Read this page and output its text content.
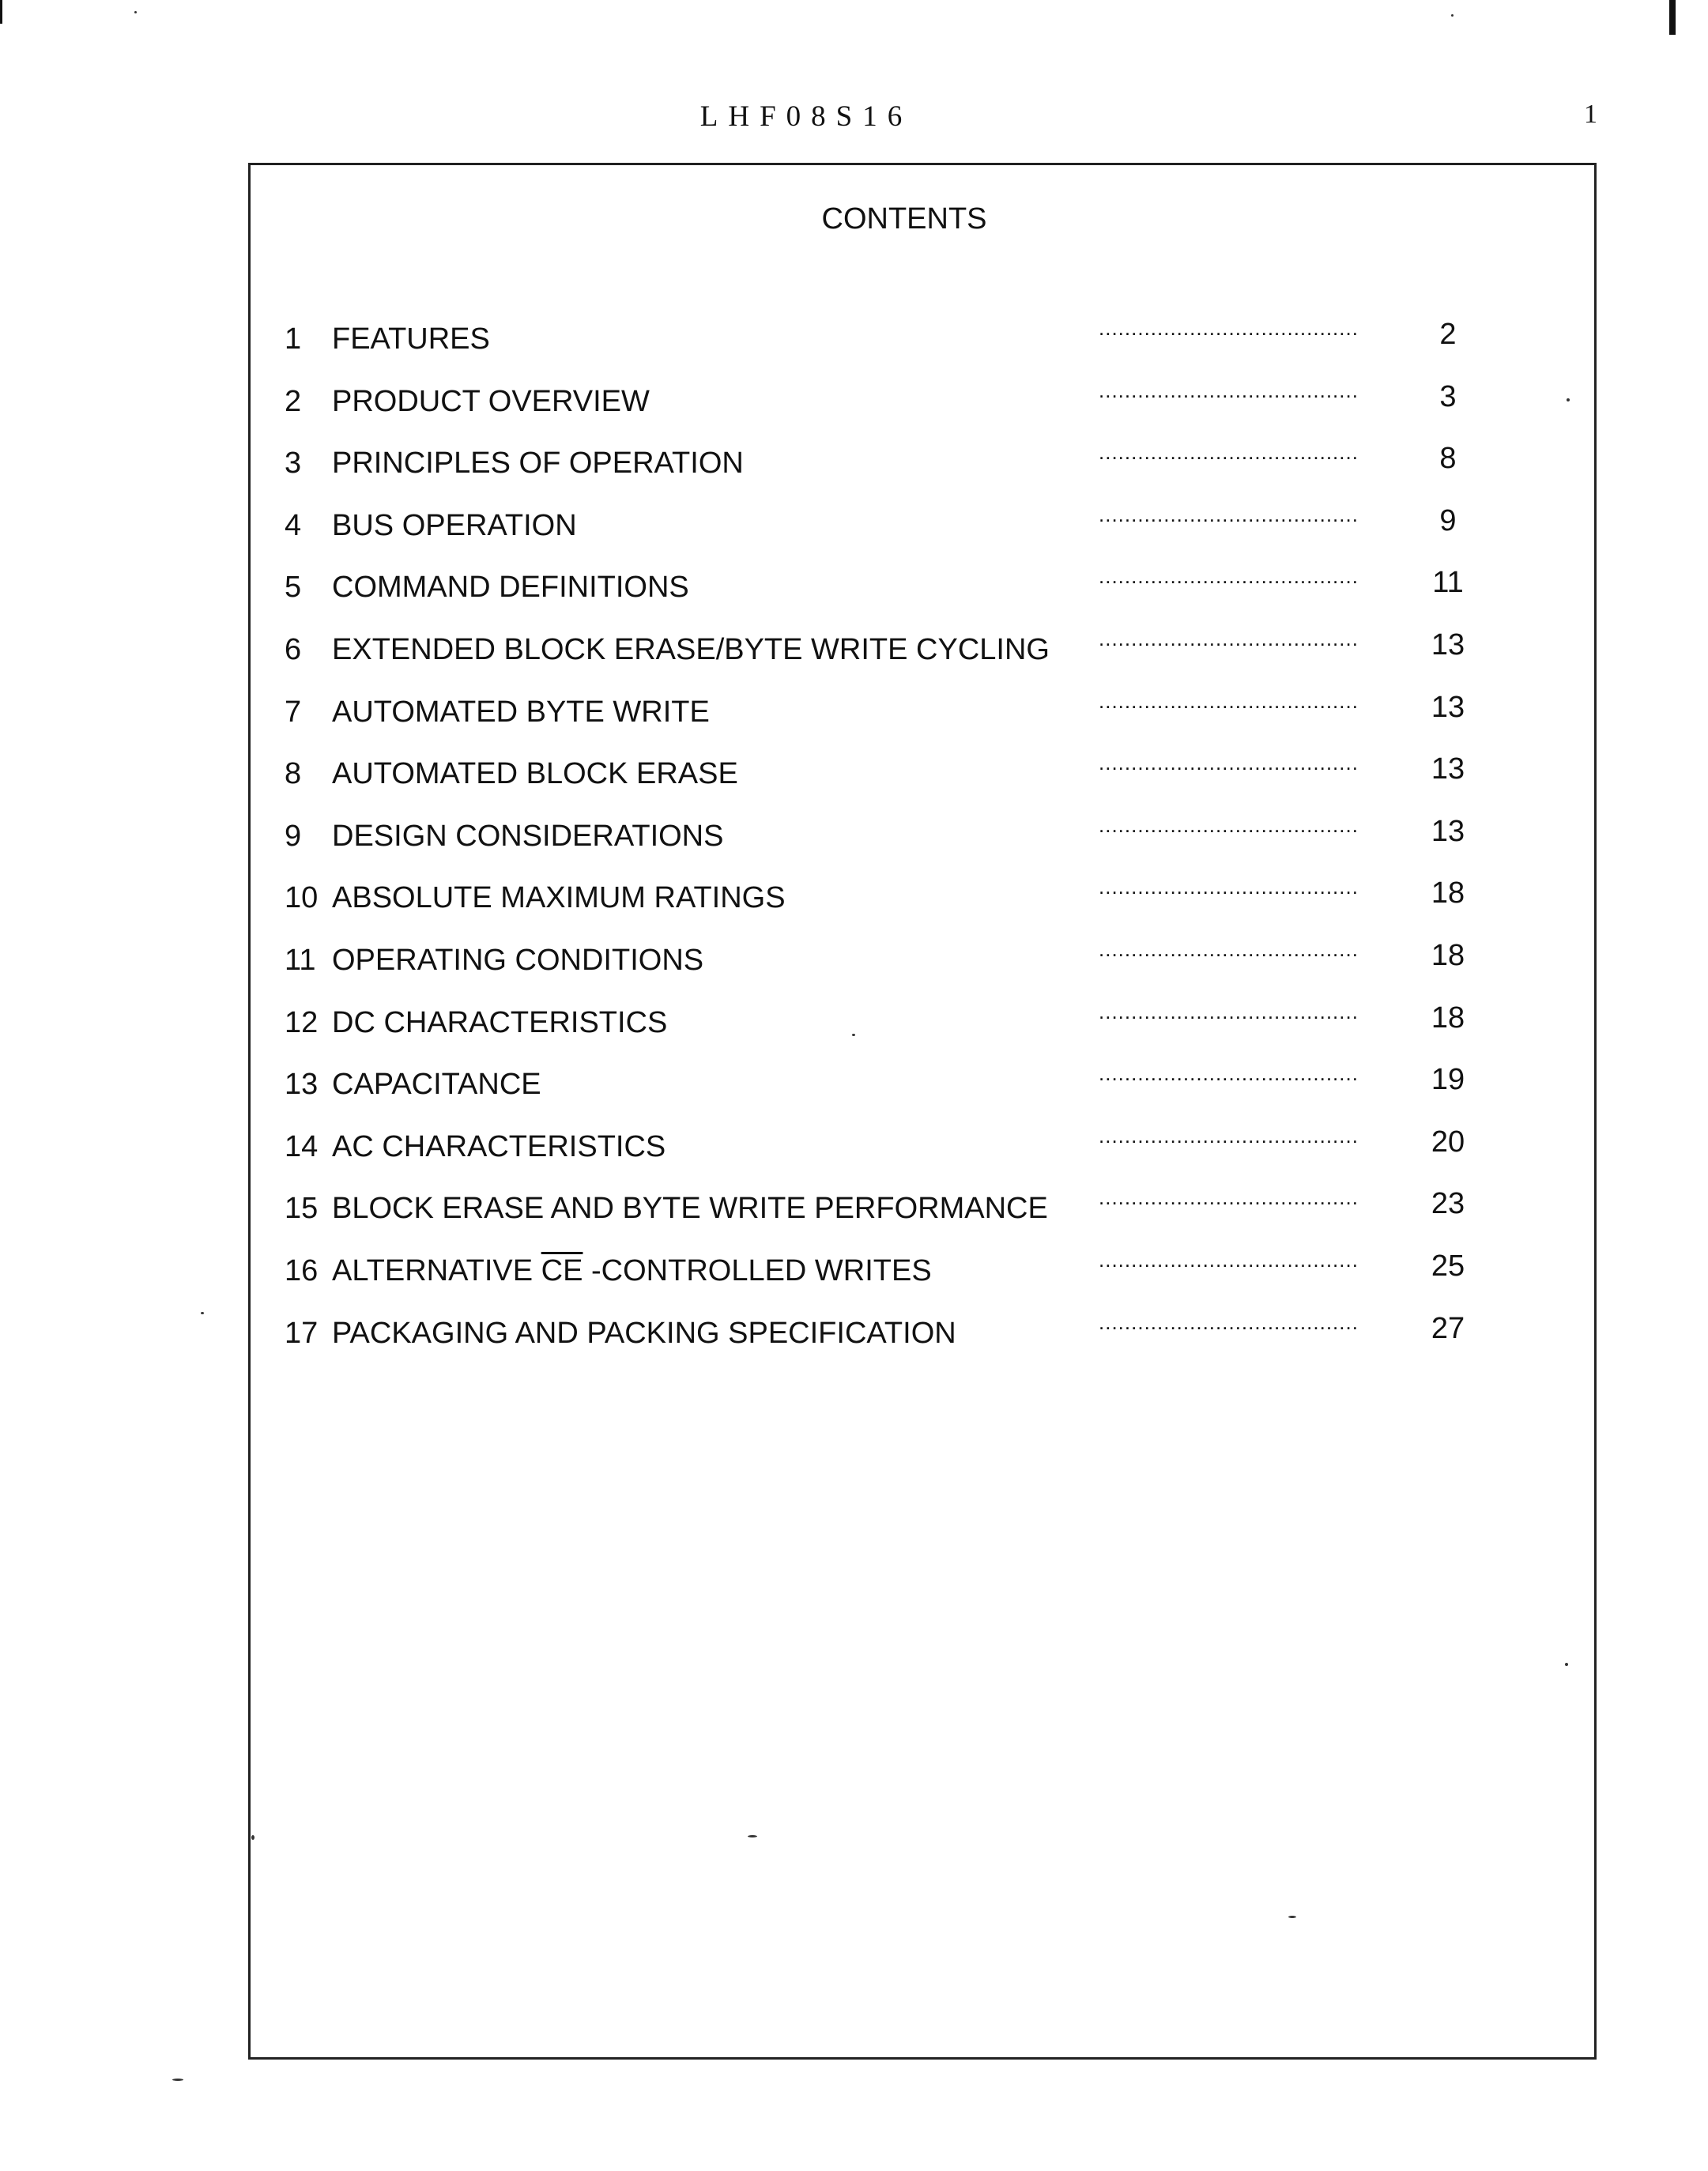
LHF08S16	1
CONTENTS
1	FEATURES	........................................	2
2	PRODUCT OVERVIEW	........................................	3
3	PRINCIPLES OF OPERATION	........................................	8
4	BUS OPERATION	........................................	9
5	COMMAND DEFINITIONS	........................................	11
6	EXTENDED BLOCK ERASE/BYTE WRITE CYCLING ........................................	13
7	AUTOMATED BYTE WRITE	........................................	13
8	AUTOMATED BLOCK ERASE	........................................	13
9	DESIGN CONSIDERATIONS	........................................	13
10 ABSOLUTE MAXIMUM RATINGS	........................................	18
11 OPERATING CONDITIONS	........................................	18
12 DC CHARACTERISTICS	........................................	18
13 CAPACITANCE	........................................	19
14 AC CHARACTERISTICS	........................................	20
15 BLOCK ERASE AND BYTE WRITE PERFORMANCE ........................................	23
16 ALTERNATIVE $\overline{CE}$ -CONTROLLED WRITES	........................................	25
17 PACKAGING AND PACKING SPECIFICATION	........................................	27
